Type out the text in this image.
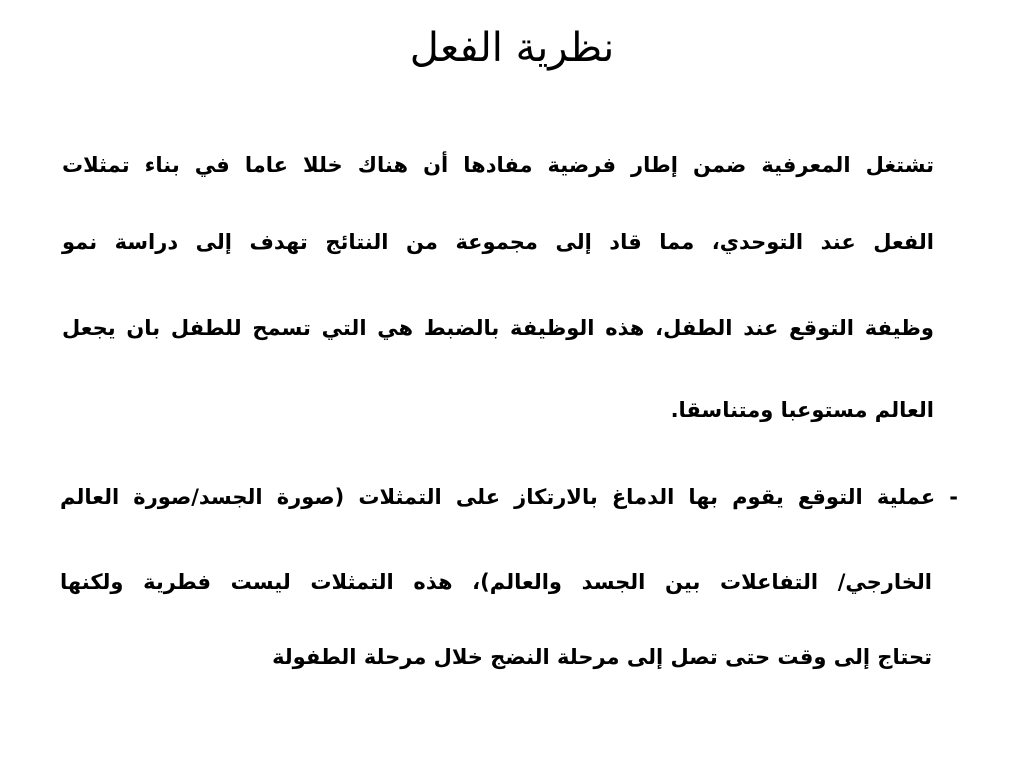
نظرية الفعل
تشتغل المعرفية ضمن إطار فرضية مفادها أن هناك خللا عاما في بناء تمثلات
الفعل عند التوحدي، مما قاد إلى مجموعة من النتائج تهدف إلى دراسة نمو
وظيفة التوقع عند الطفل، هذه الوظيفة بالضبط هي التي تسمح للطفل بان يجعل
العالم مستوعبا ومتناسقا.
- عملية التوقع يقوم بها الدماغ بالارتكاز على التمثلات (صورة الجسد/صورة العالم
الخارجي/ التفاعلات بين الجسد والعالم)، هذه التمثلات ليست فطرية ولكنها
تحتاج إلى وقت حتى تصل إلى مرحلة النضج خلال مرحلة الطفولة
